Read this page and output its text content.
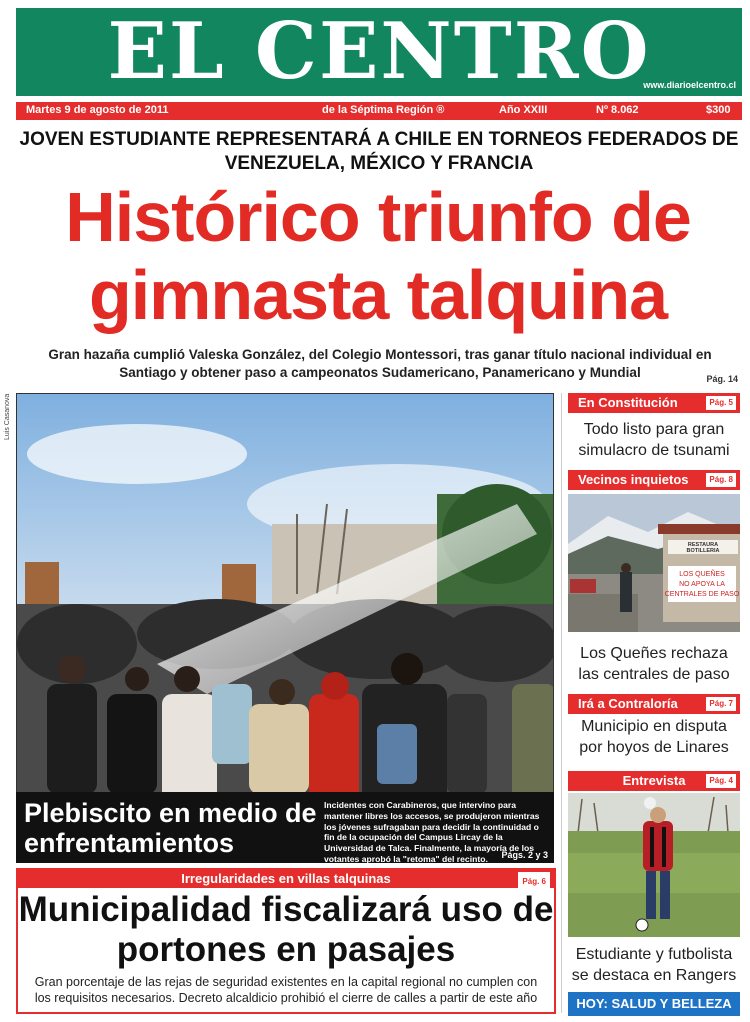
EL CENTRO
www.diarioelcentro.cl
Martes 9 de agosto de 2011	de la Séptima Región ®	Año XXIII	Nº 8.062	$300
JOVEN ESTUDIANTE REPRESENTARÁ A CHILE EN TORNEOS FEDERADOS DE VENEZUELA, MÉXICO Y FRANCIA
Histórico triunfo de gimnasta talquina
Gran hazaña cumplió Valeska González, del Colegio Montessori, tras ganar título nacional individual en Santiago y obtener paso a campeonatos Sudamericano, Panamericano y Mundial	Pág. 14
Luis Casanova
Plebiscito en medio de enfrentamientos
Incidentes con Carabineros, que intervino para mantener libres los accesos, se produjeron mientras los jóvenes sufragaban para decidir la continuidad o fin de la ocupación del Campus Lircay de la Universidad de Talca. Finalmente, la mayoría de los votantes aprobó la "retoma" del recinto.	Págs. 2 y 3
Irregularidades en villas talquinas	Pág. 6
Municipalidad fiscalizará uso de portones en pasajes
Gran porcentaje de las rejas de seguridad existentes en la capital regional no cumplen con los requisitos necesarios. Decreto alcaldicio prohibió el cierre de calles a partir de este año
En Constitución	Pág. 5
Todo listo para gran simulacro de tsunami
Vecinos inquietos	Pág. 8
RESTAURA
BOTILLERIA
LOS QUEÑES
NO APOYA LA
CENTRALES DE PASO
Los Queñes rechaza las centrales de paso
Irá a Contraloría	Pág. 7
Municipio en disputa por hoyos de Linares
Entrevista	Pág. 4
Estudiante y futbolista se destaca en Rangers
HOY: SALUD Y BELLEZA
